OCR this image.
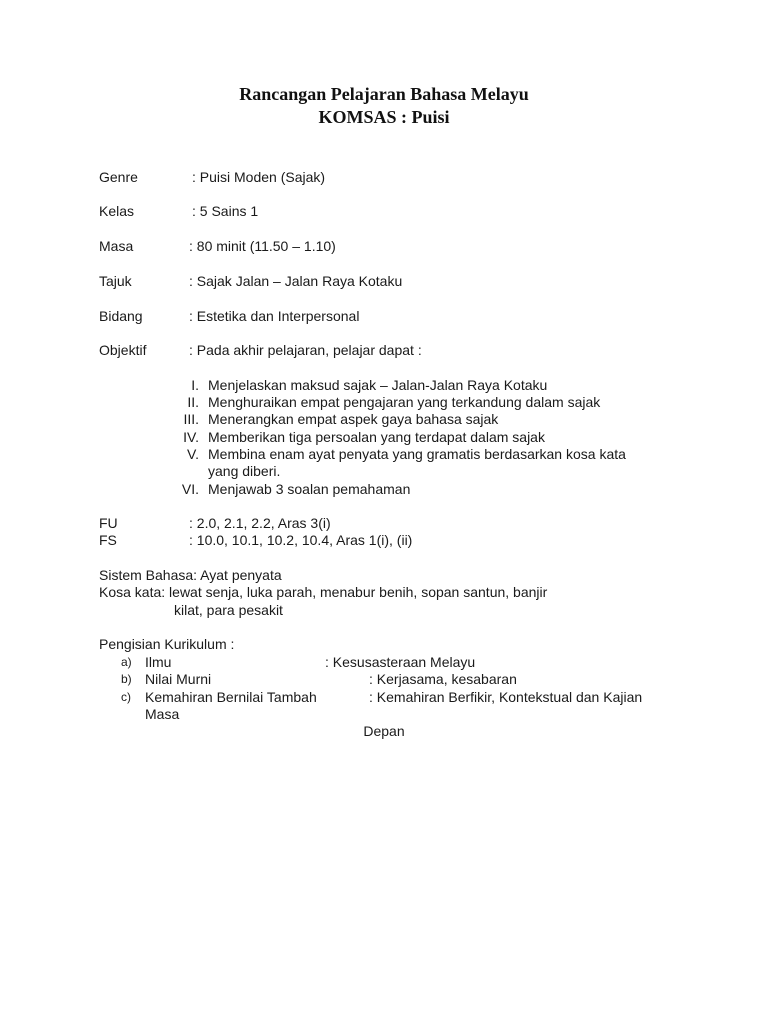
Rancangan Pelajaran Bahasa Melayu
KOMSAS : Puisi
Genre	: Puisi Moden (Sajak)
Kelas	: 5 Sains 1
Masa	: 80 minit (11.50 – 1.10)
Tajuk	: Sajak Jalan – Jalan Raya Kotaku
Bidang	: Estetika dan Interpersonal
Objektif	: Pada akhir pelajaran, pelajar dapat :
I. Menjelaskan maksud sajak – Jalan-Jalan Raya Kotaku
II. Menghuraikan empat pengajaran yang terkandung dalam sajak
III. Menerangkan empat aspek gaya bahasa sajak
IV. Memberikan tiga persoalan yang terdapat dalam sajak
V. Membina enam ayat penyata yang gramatis berdasarkan kosa kata
yang diberi.
VI. Menjawab 3 soalan pemahaman
FU	: 2.0, 2.1, 2.2, Aras 3(i)
FS	: 10.0, 10.1, 10.2, 10.4, Aras 1(i), (ii)
Sistem Bahasa: Ayat penyata
Kosa kata: lewat senja, luka parah, menabur benih, sopan santun, banjir
kilat, para pesakit
Pengisian Kurikulum :
a) Ilmu	: Kesusasteraan Melayu
b) Nilai Murni	: Kerjasama, kesabaran
c) Kemahiran Bernilai Tambah	: Kemahiran Berfikir, Kontekstual dan Kajian
Masa
Depan
